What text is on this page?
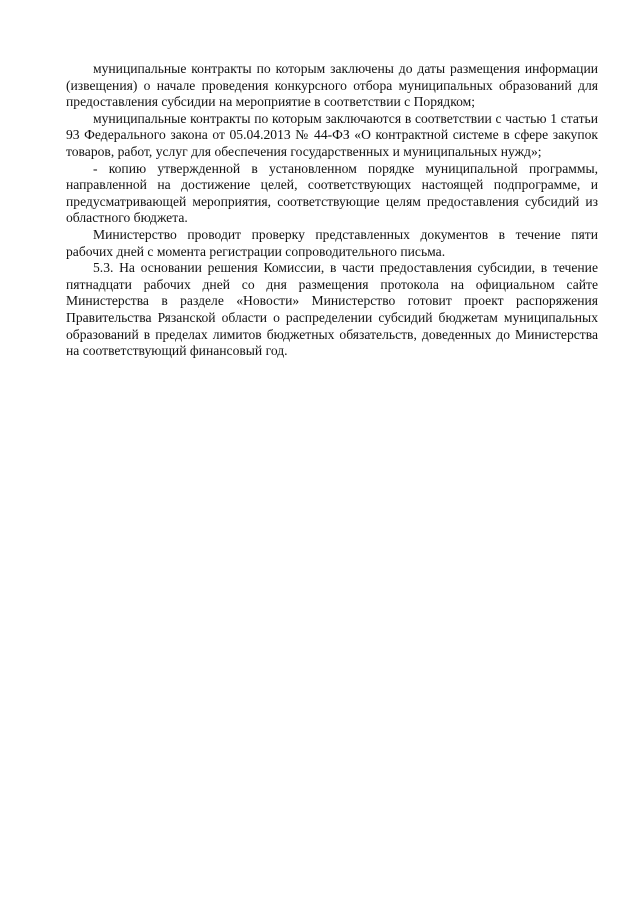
муниципальные контракты по которым заключены до даты размещения информации (извещения) о начале проведения конкурсного отбора муниципальных образований для предоставления субсидии на мероприятие в соответствии с Порядком;

муниципальные контракты по которым заключаются в соответствии с частью 1 статьи 93 Федерального закона от 05.04.2013 № 44-ФЗ «О контрактной системе в сфере закупок товаров, работ, услуг для обеспечения государственных и муниципальных нужд»;

- копию утвержденной в установленном порядке муниципальной программы, направленной на достижение целей, соответствующих настоящей подпрограмме, и предусматривающей мероприятия, соответствующие целям предоставления субсидий из областного бюджета.

Министерство проводит проверку представленных документов в течение пяти рабочих дней с момента регистрации сопроводительного письма.

5.3. На основании решения Комиссии, в части предоставления субсидии, в течение пятнадцати рабочих дней со дня размещения протокола на официальном сайте Министерства в разделе «Новости» Министерство готовит проект распоряжения Правительства Рязанской области о распределении субсидий бюджетам муниципальных образований в пределах лимитов бюджетных обязательств, доведенных до Министерства на соответствующий финансовый год.
